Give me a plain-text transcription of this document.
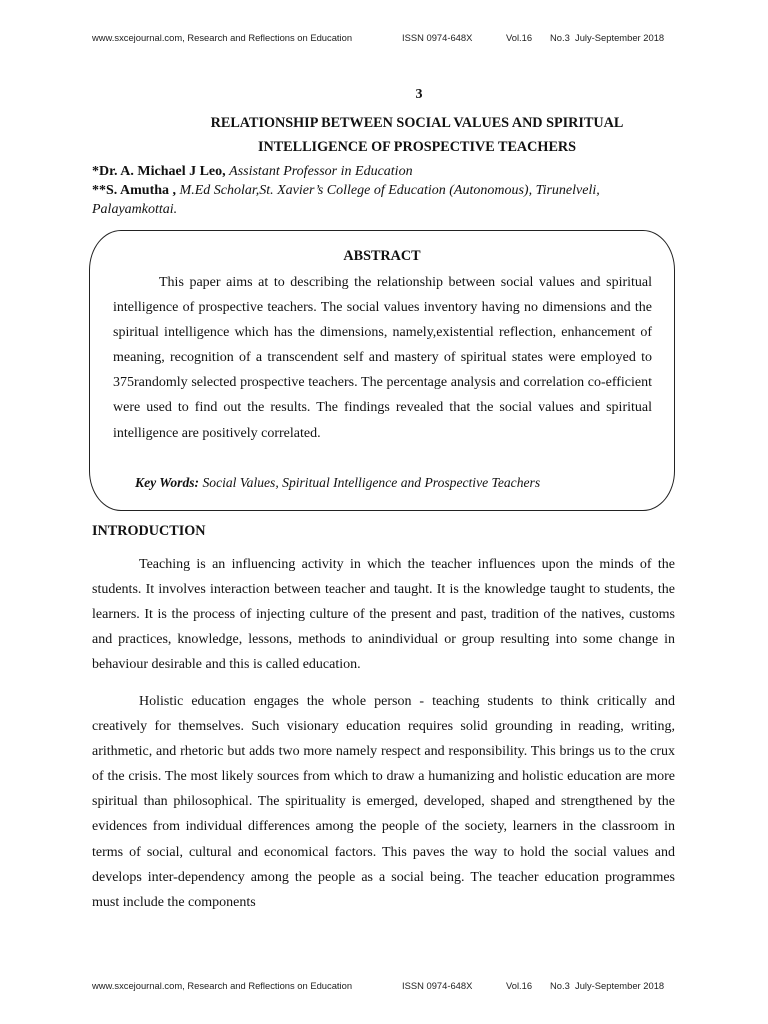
www.sxcejournal.com, Research and Reflections on Education	ISSN 0974-648X	Vol.16	No.3  July-September 2018
3
RELATIONSHIP BETWEEN SOCIAL VALUES AND SPIRITUAL
INTELLIGENCE OF PROSPECTIVE TEACHERS
*Dr. A. Michael J Leo, Assistant Professor in Education
**S. Amutha , M.Ed Scholar,St. Xavier’s College of Education (Autonomous), Tirunelveli, Palayamkottai.
ABSTRACT
This paper aims at to describing the relationship between social values and spiritual intelligence of prospective teachers. The social values inventory having no dimensions and the spiritual intelligence which has the dimensions, namely,existential reflection, enhancement of meaning, recognition of a transcendent self and mastery of spiritual states were employed to 375randomly selected prospective teachers. The percentage analysis and correlation co-efficient were used to find out the results. The findings revealed that the social values and spiritual intelligence are positively correlated.
Key Words: Social Values, Spiritual Intelligence and Prospective Teachers
INTRODUCTION
Teaching is an influencing activity in which the teacher influences upon the minds of the students. It involves interaction between teacher and taught. It is the knowledge taught to students, the learners. It is the process of injecting culture of the present and past, tradition of the natives, customs and practices, knowledge, lessons, methods to anindividual or group resulting into some change in behaviour desirable and this is called education.
Holistic education engages the whole person - teaching students to think critically and creatively for themselves. Such visionary education requires solid grounding in reading, writing, arithmetic, and rhetoric but adds two more namely respect and responsibility. This brings us to the crux of the crisis. The most likely sources from which to draw a humanizing and holistic education are more spiritual than philosophical. The spirituality is emerged, developed, shaped and strengthened by the evidences from individual differences among the people of the society, learners in the classroom in terms of social, cultural and economical factors. This paves the way to hold the social values and develops inter-dependency among the people as a social being. The teacher education programmes must include the components
www.sxcejournal.com, Research and Reflections on Education	ISSN 0974-648X	Vol.16	No.3  July-September 2018
